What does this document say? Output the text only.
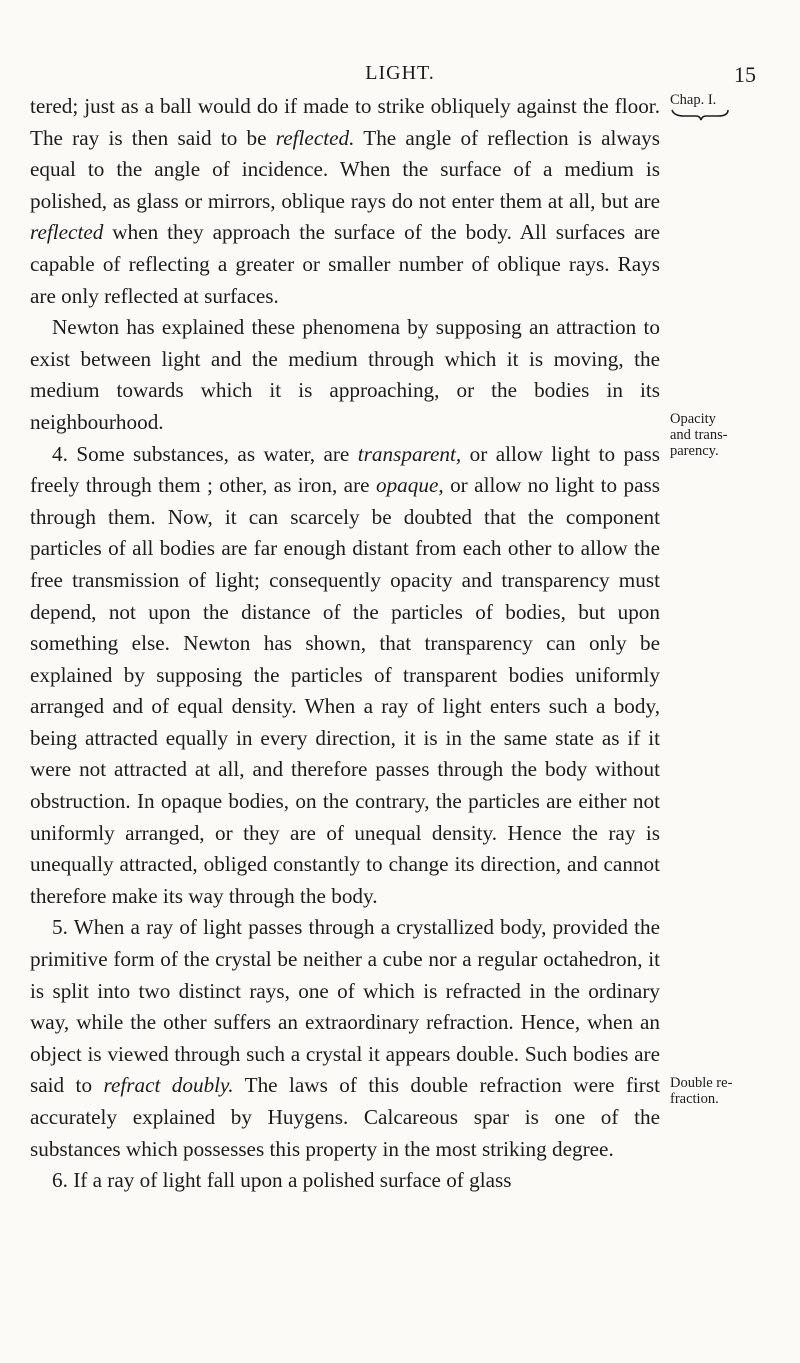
LIGHT.	15

tered; just as a ball would do if made to strike obliquely against the floor. The ray is then said to be reflected. The angle of reflection is always equal to the angle of incidence. When the surface of a medium is polished, as glass or mirrors, oblique rays do not enter them at all, but are reflected when they approach the surface of the body. All surfaces are capable of reflecting a greater or smaller number of oblique rays. Rays are only reflected at surfaces.

Newton has explained these phenomena by supposing an attraction to exist between light and the medium through which it is moving, the medium towards which it is approaching, or the bodies in its neighbourhood.

4. Some substances, as water, are transparent, or allow light to pass freely through them ; other, as iron, are opaque, or allow no light to pass through them. Now, it can scarcely be doubted that the component particles of all bodies are far enough distant from each other to allow the free transmission of light; consequently opacity and transparency must depend, not upon the distance of the particles of bodies, but upon something else. Newton has shown, that transparency can only be explained by supposing the particles of transparent bodies uniformly arranged and of equal density. When a ray of light enters such a body, being attracted equally in every direction, it is in the same state as if it were not attracted at all, and therefore passes through the body without obstruction. In opaque bodies, on the contrary, the particles are either not uniformly arranged, or they are of unequal density. Hence the ray is unequally attracted, obliged constantly to change its direction, and cannot therefore make its way through the body.

5. When a ray of light passes through a crystallized body, provided the primitive form of the crystal be neither a cube nor a regular octahedron, it is split into two distinct rays, one of which is refracted in the ordinary way, while the other suffers an extraordinary refraction. Hence, when an object is viewed through such a crystal it appears double. Such bodies are said to refract doubly. The laws of this double refraction were first accurately explained by Huygens. Calcareous spar is one of the substances which possesses this property in the most striking degree.

6. If a ray of light fall upon a polished surface of glass

Chap. I.
Opacity
and trans-
parency.
Double re-
fraction.
